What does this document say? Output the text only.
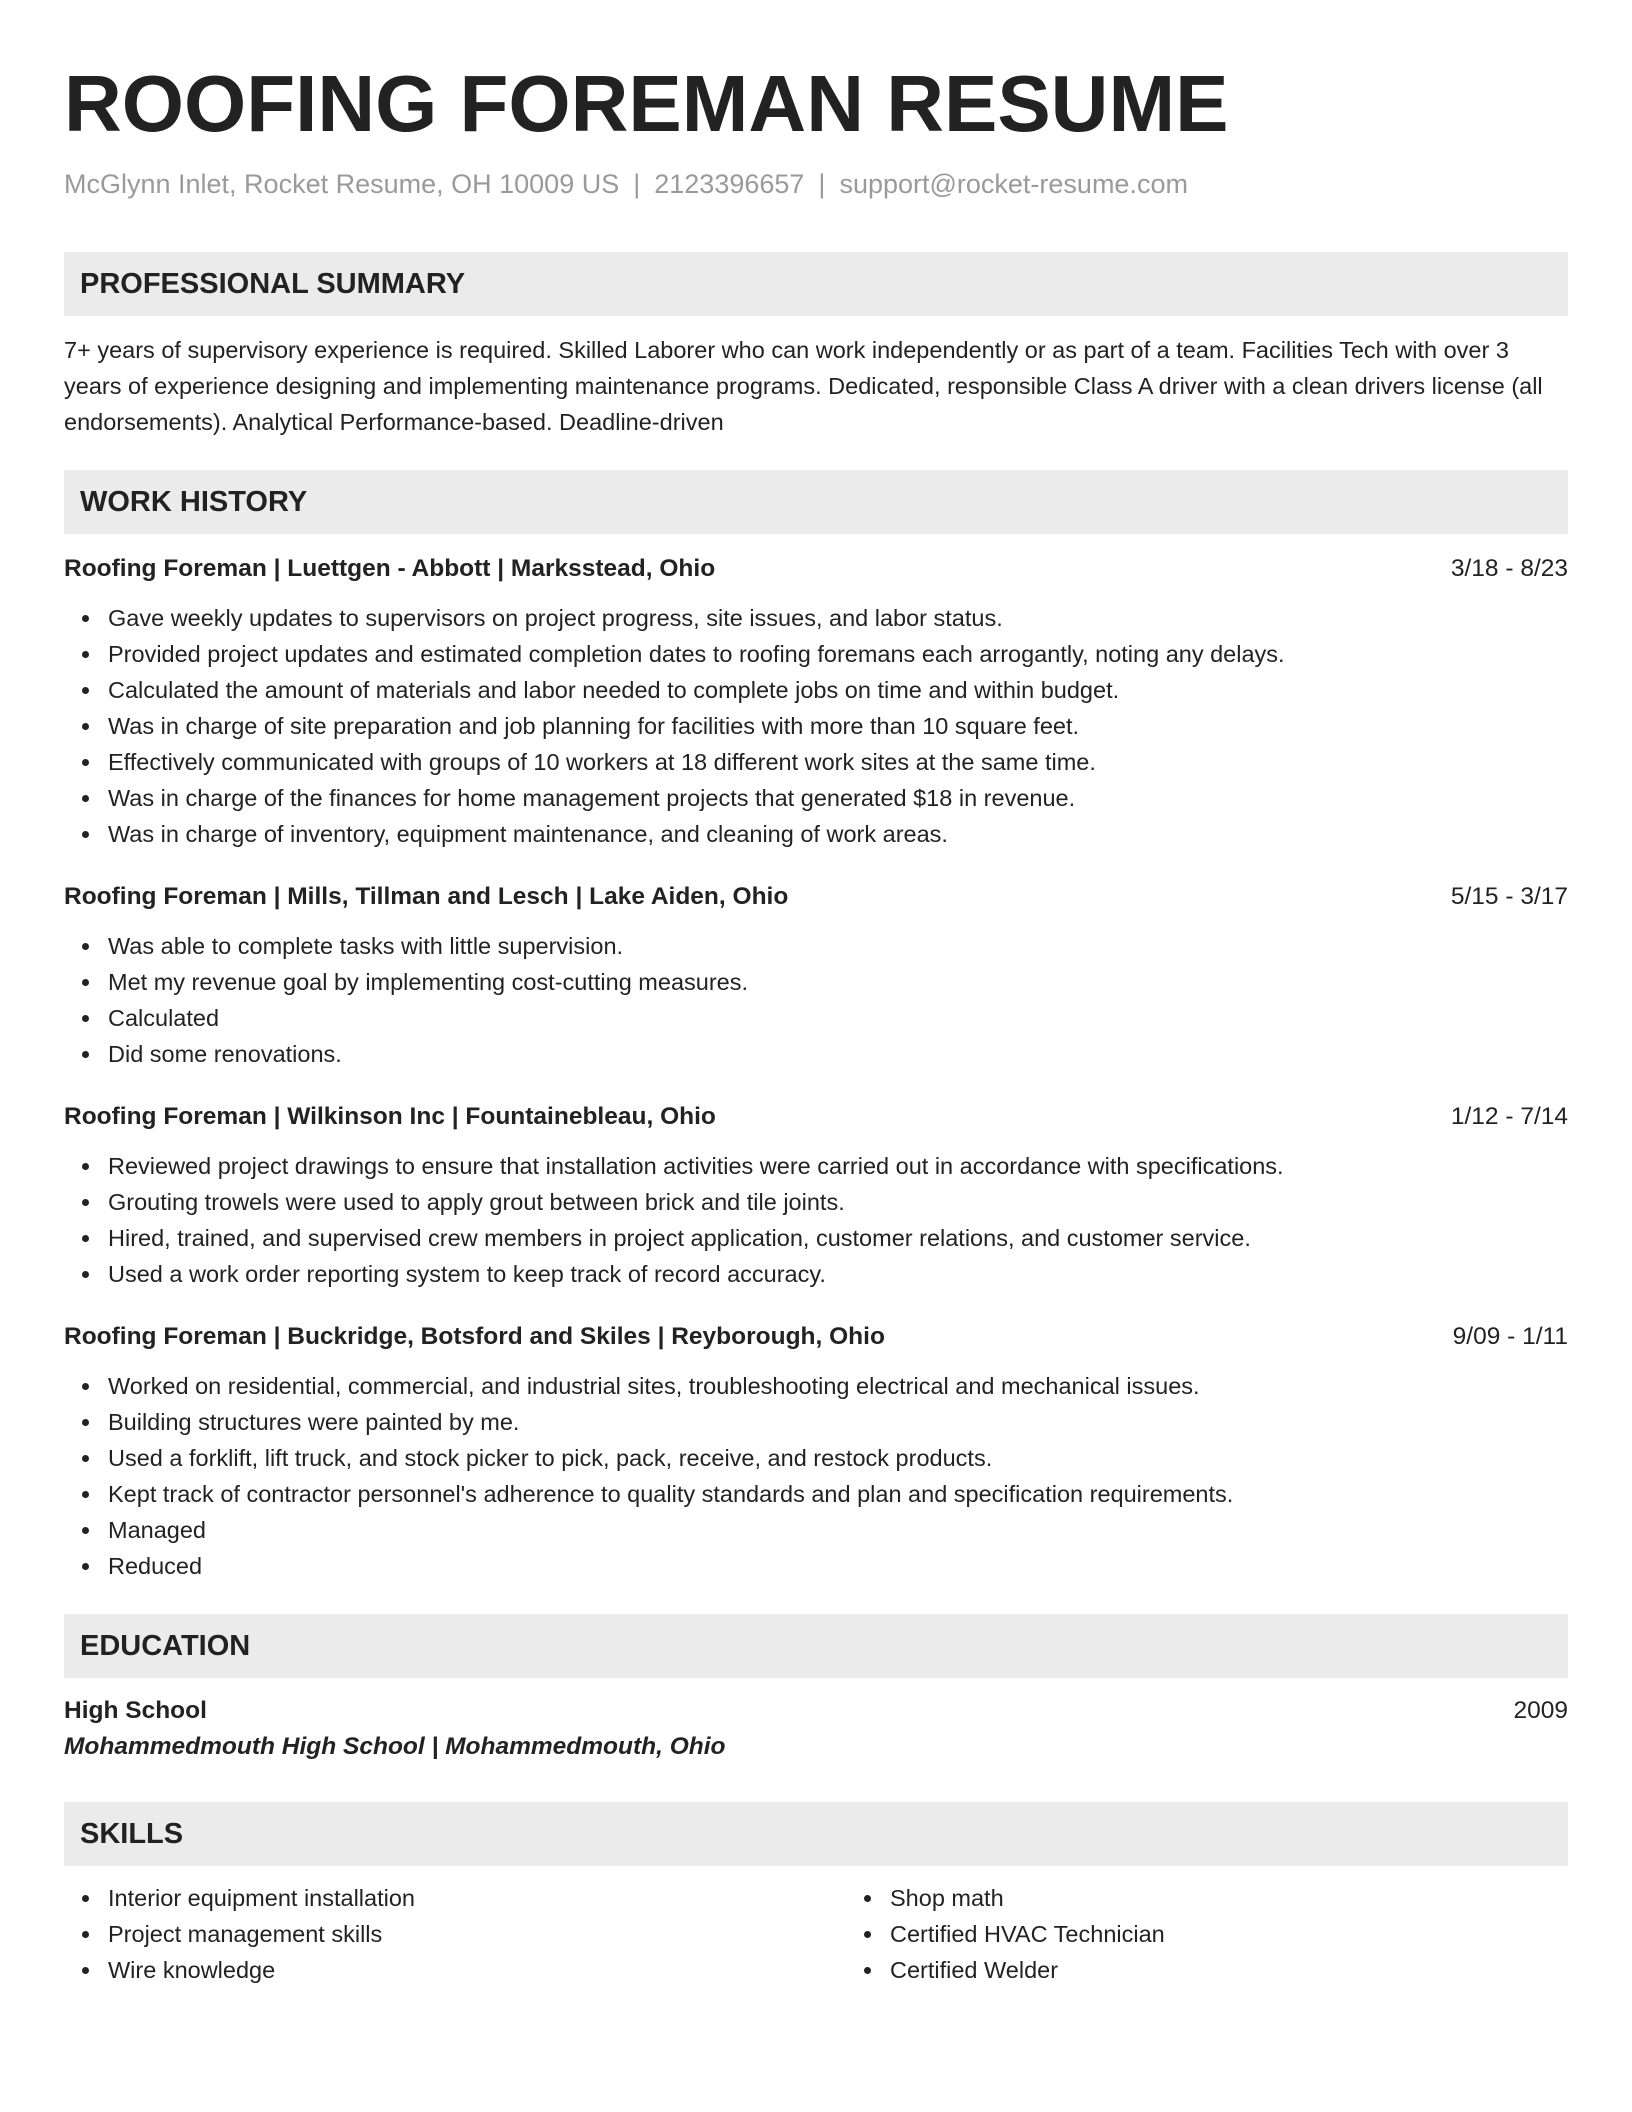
ROOFING FOREMAN RESUME
McGlynn Inlet, Rocket Resume, OH 10009 US | 2123396657 | support@rocket-resume.com
PROFESSIONAL SUMMARY

7+ years of supervisory experience is required. Skilled Laborer who can work independently or as part of a team. Facilities Tech with over 3 years of experience designing and implementing maintenance programs. Dedicated, responsible Class A driver with a clean drivers license (all endorsements). Analytical Performance-based. Deadline-driven

WORK HISTORY
Roofing Foreman | Luettgen - Abbott | Marksstead, Ohio	3/18 - 8/23
Gave weekly updates to supervisors on project progress, site issues, and labor status.
Provided project updates and estimated completion dates to roofing foremans each arrogantly, noting any delays.
Calculated the amount of materials and labor needed to complete jobs on time and within budget.
Was in charge of site preparation and job planning for facilities with more than 10 square feet.
Effectively communicated with groups of 10 workers at 18 different work sites at the same time.
Was in charge of the finances for home management projects that generated $18 in revenue.
Was in charge of inventory, equipment maintenance, and cleaning of work areas.
Roofing Foreman | Mills, Tillman and Lesch | Lake Aiden, Ohio	5/15 - 3/17
Was able to complete tasks with little supervision.
Met my revenue goal by implementing cost-cutting measures.
Calculated
Did some renovations.
Roofing Foreman | Wilkinson Inc | Fountainebleau, Ohio	1/12 - 7/14
Reviewed project drawings to ensure that installation activities were carried out in accordance with specifications.
Grouting trowels were used to apply grout between brick and tile joints.
Hired, trained, and supervised crew members in project application, customer relations, and customer service.
Used a work order reporting system to keep track of record accuracy.
Roofing Foreman | Buckridge, Botsford and Skiles | Reyborough, Ohio	9/09 - 1/11
Worked on residential, commercial, and industrial sites, troubleshooting electrical and mechanical issues.
Building structures were painted by me.
Used a forklift, lift truck, and stock picker to pick, pack, receive, and restock products.
Kept track of contractor personnel's adherence to quality standards and plan and specification requirements.
Managed
Reduced
EDUCATION
High School	2009
Mohammedmouth High School | Mohammedmouth, Ohio
SKILLS
Interior equipment installation
Project management skills
Wire knowledge
Shop math
Certified HVAC Technician
Certified Welder
